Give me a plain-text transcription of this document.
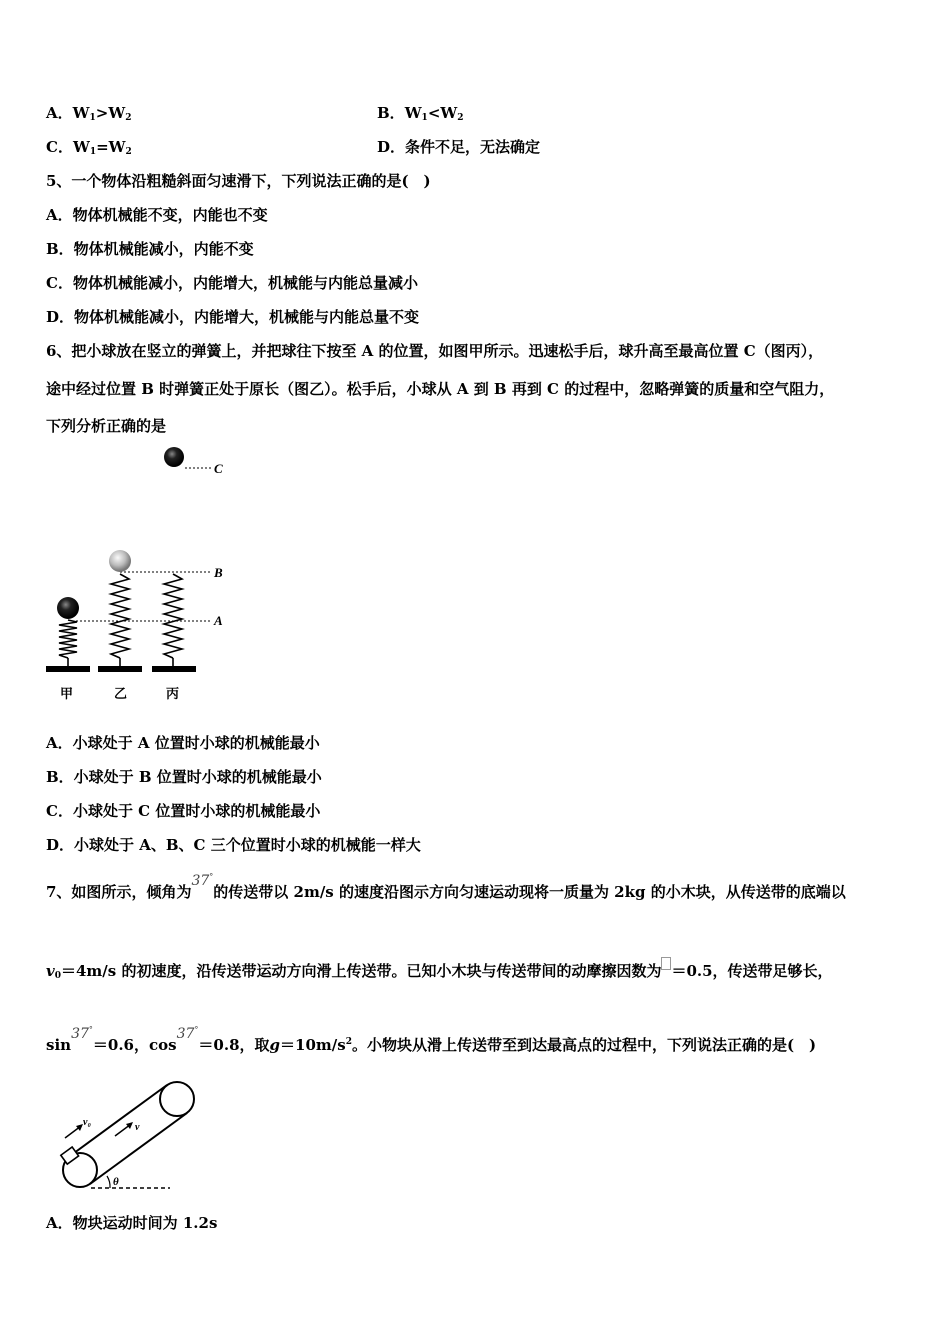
A．$W_1>W_2$	B．$W_1<W_2$
C．$W_1=W_2$	D．条件不足，无法确定
5、一个物体沿粗糙斜面匀速滑下，下列说法正确的是(　)
A．物体机械能不变，内能也不变
B．物体机械能减小，内能不变
C．物体机械能减小，内能增大，机械能与内能总量减小
D．物体机械能减小，内能增大，机械能与内能总量不变
6、把小球放在竖立的弹簧上，并把球往下按至 A 的位置，如图甲所示。迅速松手后，球升高至最高位置 C（图丙），
途中经过位置 B 时弹簧正处于原长（图乙）。松手后，小球从 A 到 B 再到 C 的过程中，忽略弹簧的质量和空气阻力，
下列分析正确的是
C
B
A
甲	乙	丙
A．小球处于 A 位置时小球的机械能最小
B．小球处于 B 位置时小球的机械能最小
C．小球处于 C 位置时小球的机械能最小
D．小球处于 A、B、C 三个位置时小球的机械能一样大
7、如图所示，倾角为37°的传送带以 2m/s 的速度沿图示方向匀速运动现将一质量为 2kg 的小木块，从传送带的底端以
$v_0=4m/s$ 的初速度，沿传送带运动方向滑上传送带。已知小木块与传送带间的动摩擦因数为 ＝0.5，传送带足够长，
sin37°＝0.6，cos37°＝0.8，取$g=10m/s^2$。小物块从滑上传送带至到达最高点的过程中，下列说法正确的是(　)
v₀	v
θ
A．物块运动时间为 1.2s
